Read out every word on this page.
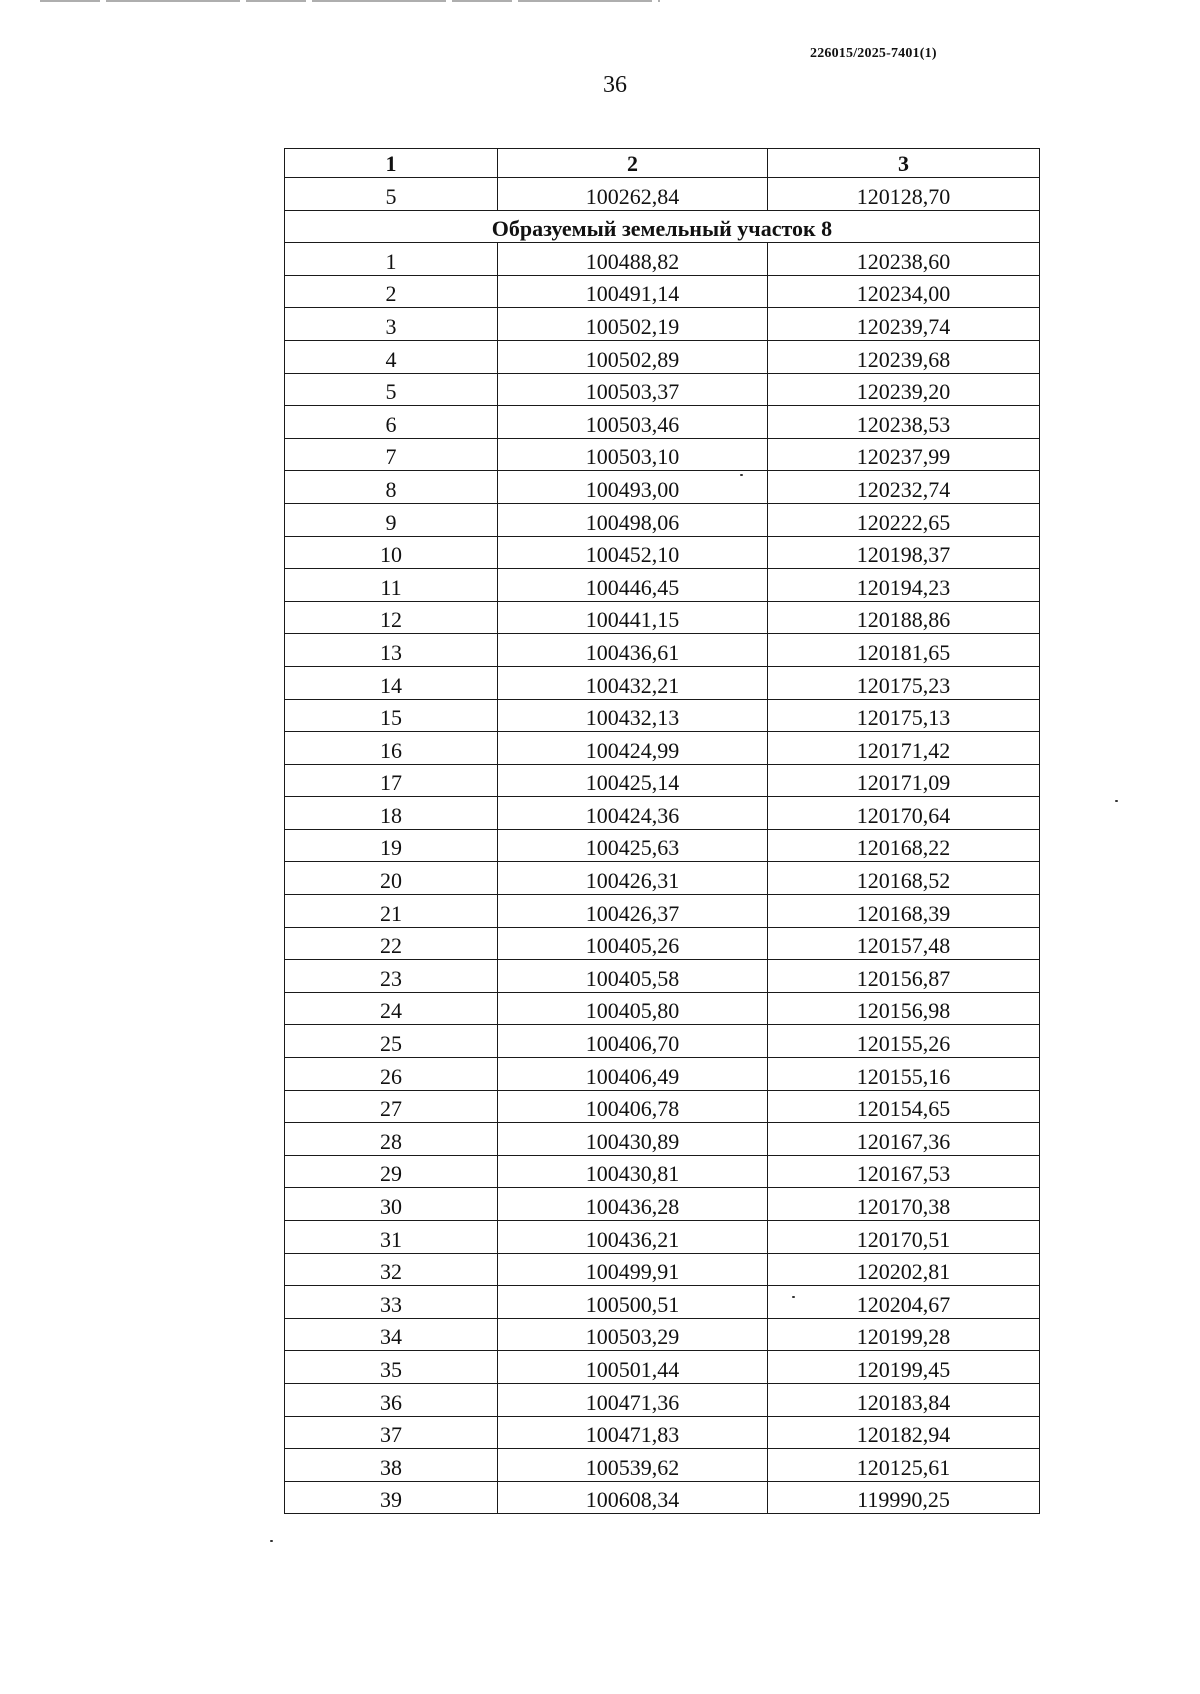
226015/2025-7401(1)
36
1	2	3
5	100262,84	120128,70
Образуемый земельный участок 8		
1	100488,82	120238,60
2	100491,14	120234,00
3	100502,19	120239,74
4	100502,89	120239,68
5	100503,37	120239,20
6	100503,46	120238,53
7	100503,10	120237,99
8	100493,00	120232,74
9	100498,06	120222,65
10	100452,10	120198,37
11	100446,45	120194,23
12	100441,15	120188,86
13	100436,61	120181,65
14	100432,21	120175,23
15	100432,13	120175,13
16	100424,99	120171,42
17	100425,14	120171,09
18	100424,36	120170,64
19	100425,63	120168,22
20	100426,31	120168,52
21	100426,37	120168,39
22	100405,26	120157,48
23	100405,58	120156,87
24	100405,80	120156,98
25	100406,70	120155,26
26	100406,49	120155,16
27	100406,78	120154,65
28	100430,89	120167,36
29	100430,81	120167,53
30	100436,28	120170,38
31	100436,21	120170,51
32	100499,91	120202,81
33	100500,51	120204,67
34	100503,29	120199,28
35	100501,44	120199,45
36	100471,36	120183,84
37	100471,83	120182,94
38	100539,62	120125,61
39	100608,34	119990,25
